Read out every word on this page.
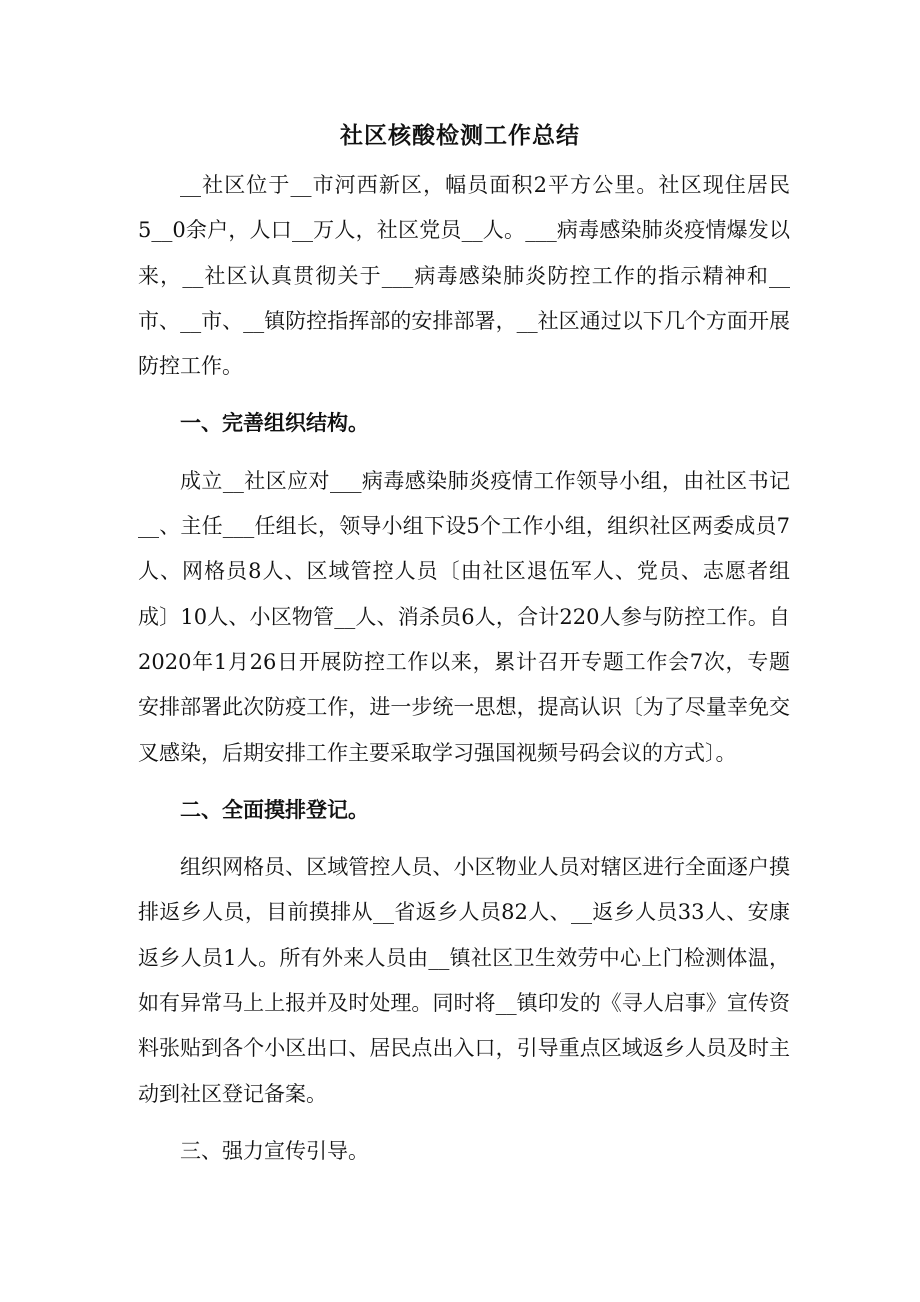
社区核酸检测工作总结

__社区位于__市河西新区，幅员面积2平方公里。社区现住居民5__0余户，人口__万人，社区党员__人。___病毒感染肺炎疫情爆发以来，__社区认真贯彻关于___病毒感染肺炎防控工作的指示精神和__市、__市、__镇防控指挥部的安排部署，__社区通过以下几个方面开展防控工作。

一、完善组织结构。

成立__社区应对___病毒感染肺炎疫情工作领导小组，由社区书记__、主任___任组长，领导小组下设5个工作小组，组织社区两委成员7人、网格员8人、区域管控人员〔由社区退伍军人、党员、志愿者组成〕10人、小区物管__人、消杀员6人，合计220人参与防控工作。自2020年1月26日开展防控工作以来，累计召开专题工作会7次，专题安排部署此次防疫工作，进一步统一思想，提高认识〔为了尽量幸免交叉感染，后期安排工作主要采取学习强国视频号码会议的方式〕。

二、全面摸排登记。

组织网格员、区域管控人员、小区物业人员对辖区进行全面逐户摸排返乡人员，目前摸排从__省返乡人员82人、__返乡人员33人、安康返乡人员1人。所有外来人员由__镇社区卫生效劳中心上门检测体温，如有异常马上上报并及时处理。同时将__镇印发的《寻人启事》宣传资料张贴到各个小区出口、居民点出入口，引导重点区域返乡人员及时主动到社区登记备案。

三、强力宣传引导。
